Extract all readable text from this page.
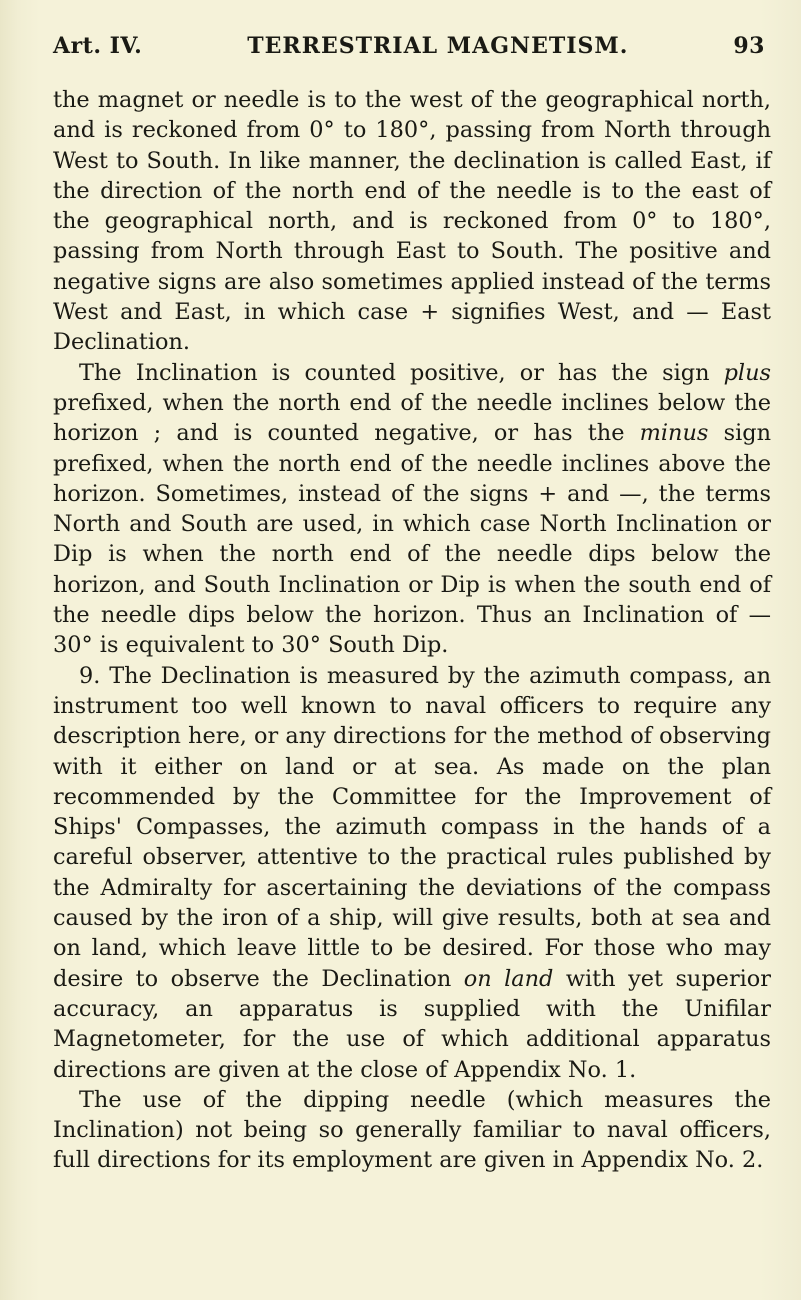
Art. IV.	TERRESTRIAL MAGNETISM.	93

the magnet or needle is to the west of the geographical north, and is reckoned from 0° to 180°, passing from North through West to South. In like manner, the declination is called East, if the direction of the north end of the needle is to the east of the geographical north, and is reckoned from 0° to 180°, passing from North through East to South. The positive and negative signs are also sometimes applied instead of the terms West and East, in which case + signifies West, and — East Declination.

The Inclination is counted positive, or has the sign plus prefixed, when the north end of the needle inclines below the horizon ; and is counted negative, or has the minus sign prefixed, when the north end of the needle inclines above the horizon. Sometimes, instead of the signs + and —, the terms North and South are used, in which case North Inclination or Dip is when the north end of the needle dips below the horizon, and South Inclination or Dip is when the south end of the needle dips below the horizon. Thus an Inclination of — 30° is equivalent to 30° South Dip.

9. The Declination is measured by the azimuth compass, an instrument too well known to naval officers to require any description here, or any directions for the method of observing with it either on land or at sea. As made on the plan recommended by the Committee for the Improvement of Ships' Compasses, the azimuth compass in the hands of a careful observer, attentive to the practical rules published by the Admiralty for ascertaining the deviations of the compass caused by the iron of a ship, will give results, both at sea and on land, which leave little to be desired. For those who may desire to observe the Declination on land with yet superior accuracy, an apparatus is supplied with the Unifilar Magnetometer, for the use of which additional apparatus directions are given at the close of Appendix No. 1.

The use of the dipping needle (which measures the Inclination) not being so generally familiar to naval officers, full directions for its employment are given in Appendix No. 2.
